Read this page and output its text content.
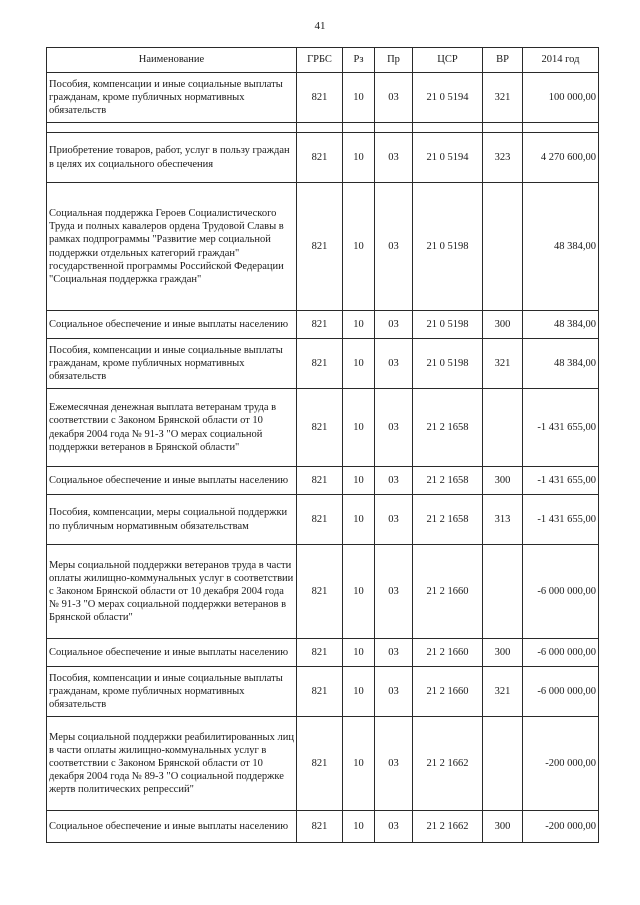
41
Наименование	ГРБС	Рз	Пр	ЦСР	ВР	2014 год
Пособия, компенсации и иные социальные выплаты гражданам, кроме публичных нормативных обязательств	821	10	03	21 0 5194	321	100 000,00

Приобретение товаров, работ, услуг в пользу граждан в целях их социального обеспечения	821	10	03	21 0 5194	323	4 270 600,00
Социальная поддержка Героев Социалистического Труда и полных кавалеров ордена Трудовой Славы в рамках подпрограммы "Развитие мер социальной поддержки отдельных категорий граждан" государственной программы Российской Федерации "Социальная поддержка граждан"	821	10	03	21 0 5198		48 384,00
Социальное обеспечение и иные выплаты населению	821	10	03	21 0 5198	300	48 384,00
Пособия, компенсации и иные социальные выплаты гражданам, кроме публичных нормативных обязательств	821	10	03	21 0 5198	321	48 384,00
Ежемесячная денежная выплата ветеранам труда в соответствии с Законом Брянской области от 10 декабря 2004 года № 91-З "О мерах социальной поддержки ветеранов в Брянской области"	821	10	03	21 2 1658		-1 431 655,00
Социальное обеспечение и иные выплаты населению	821	10	03	21 2 1658	300	-1 431 655,00
Пособия, компенсации, меры социальной поддержки по публичным нормативным обязательствам	821	10	03	21 2 1658	313	-1 431 655,00
Меры социальной поддержки ветеранов труда в части оплаты жилищно-коммунальных услуг в соответствии с Законом Брянской области от 10 декабря 2004 года № 91-З "О мерах социальной поддержки ветеранов в Брянской области"	821	10	03	21 2 1660		-6 000 000,00
Социальное обеспечение и иные выплаты населению	821	10	03	21 2 1660	300	-6 000 000,00
Пособия, компенсации и иные социальные выплаты гражданам, кроме публичных нормативных обязательств	821	10	03	21 2 1660	321	-6 000 000,00
Меры социальной поддержки реабилитированных лиц в части оплаты жилищно-коммунальных услуг в соответствии с Законом Брянской области от 10 декабря 2004 года № 89-З "О социальной поддержке жертв политических репрессий"	821	10	03	21 2 1662		-200 000,00
Социальное обеспечение и иные выплаты населению	821	10	03	21 2 1662	300	-200 000,00
